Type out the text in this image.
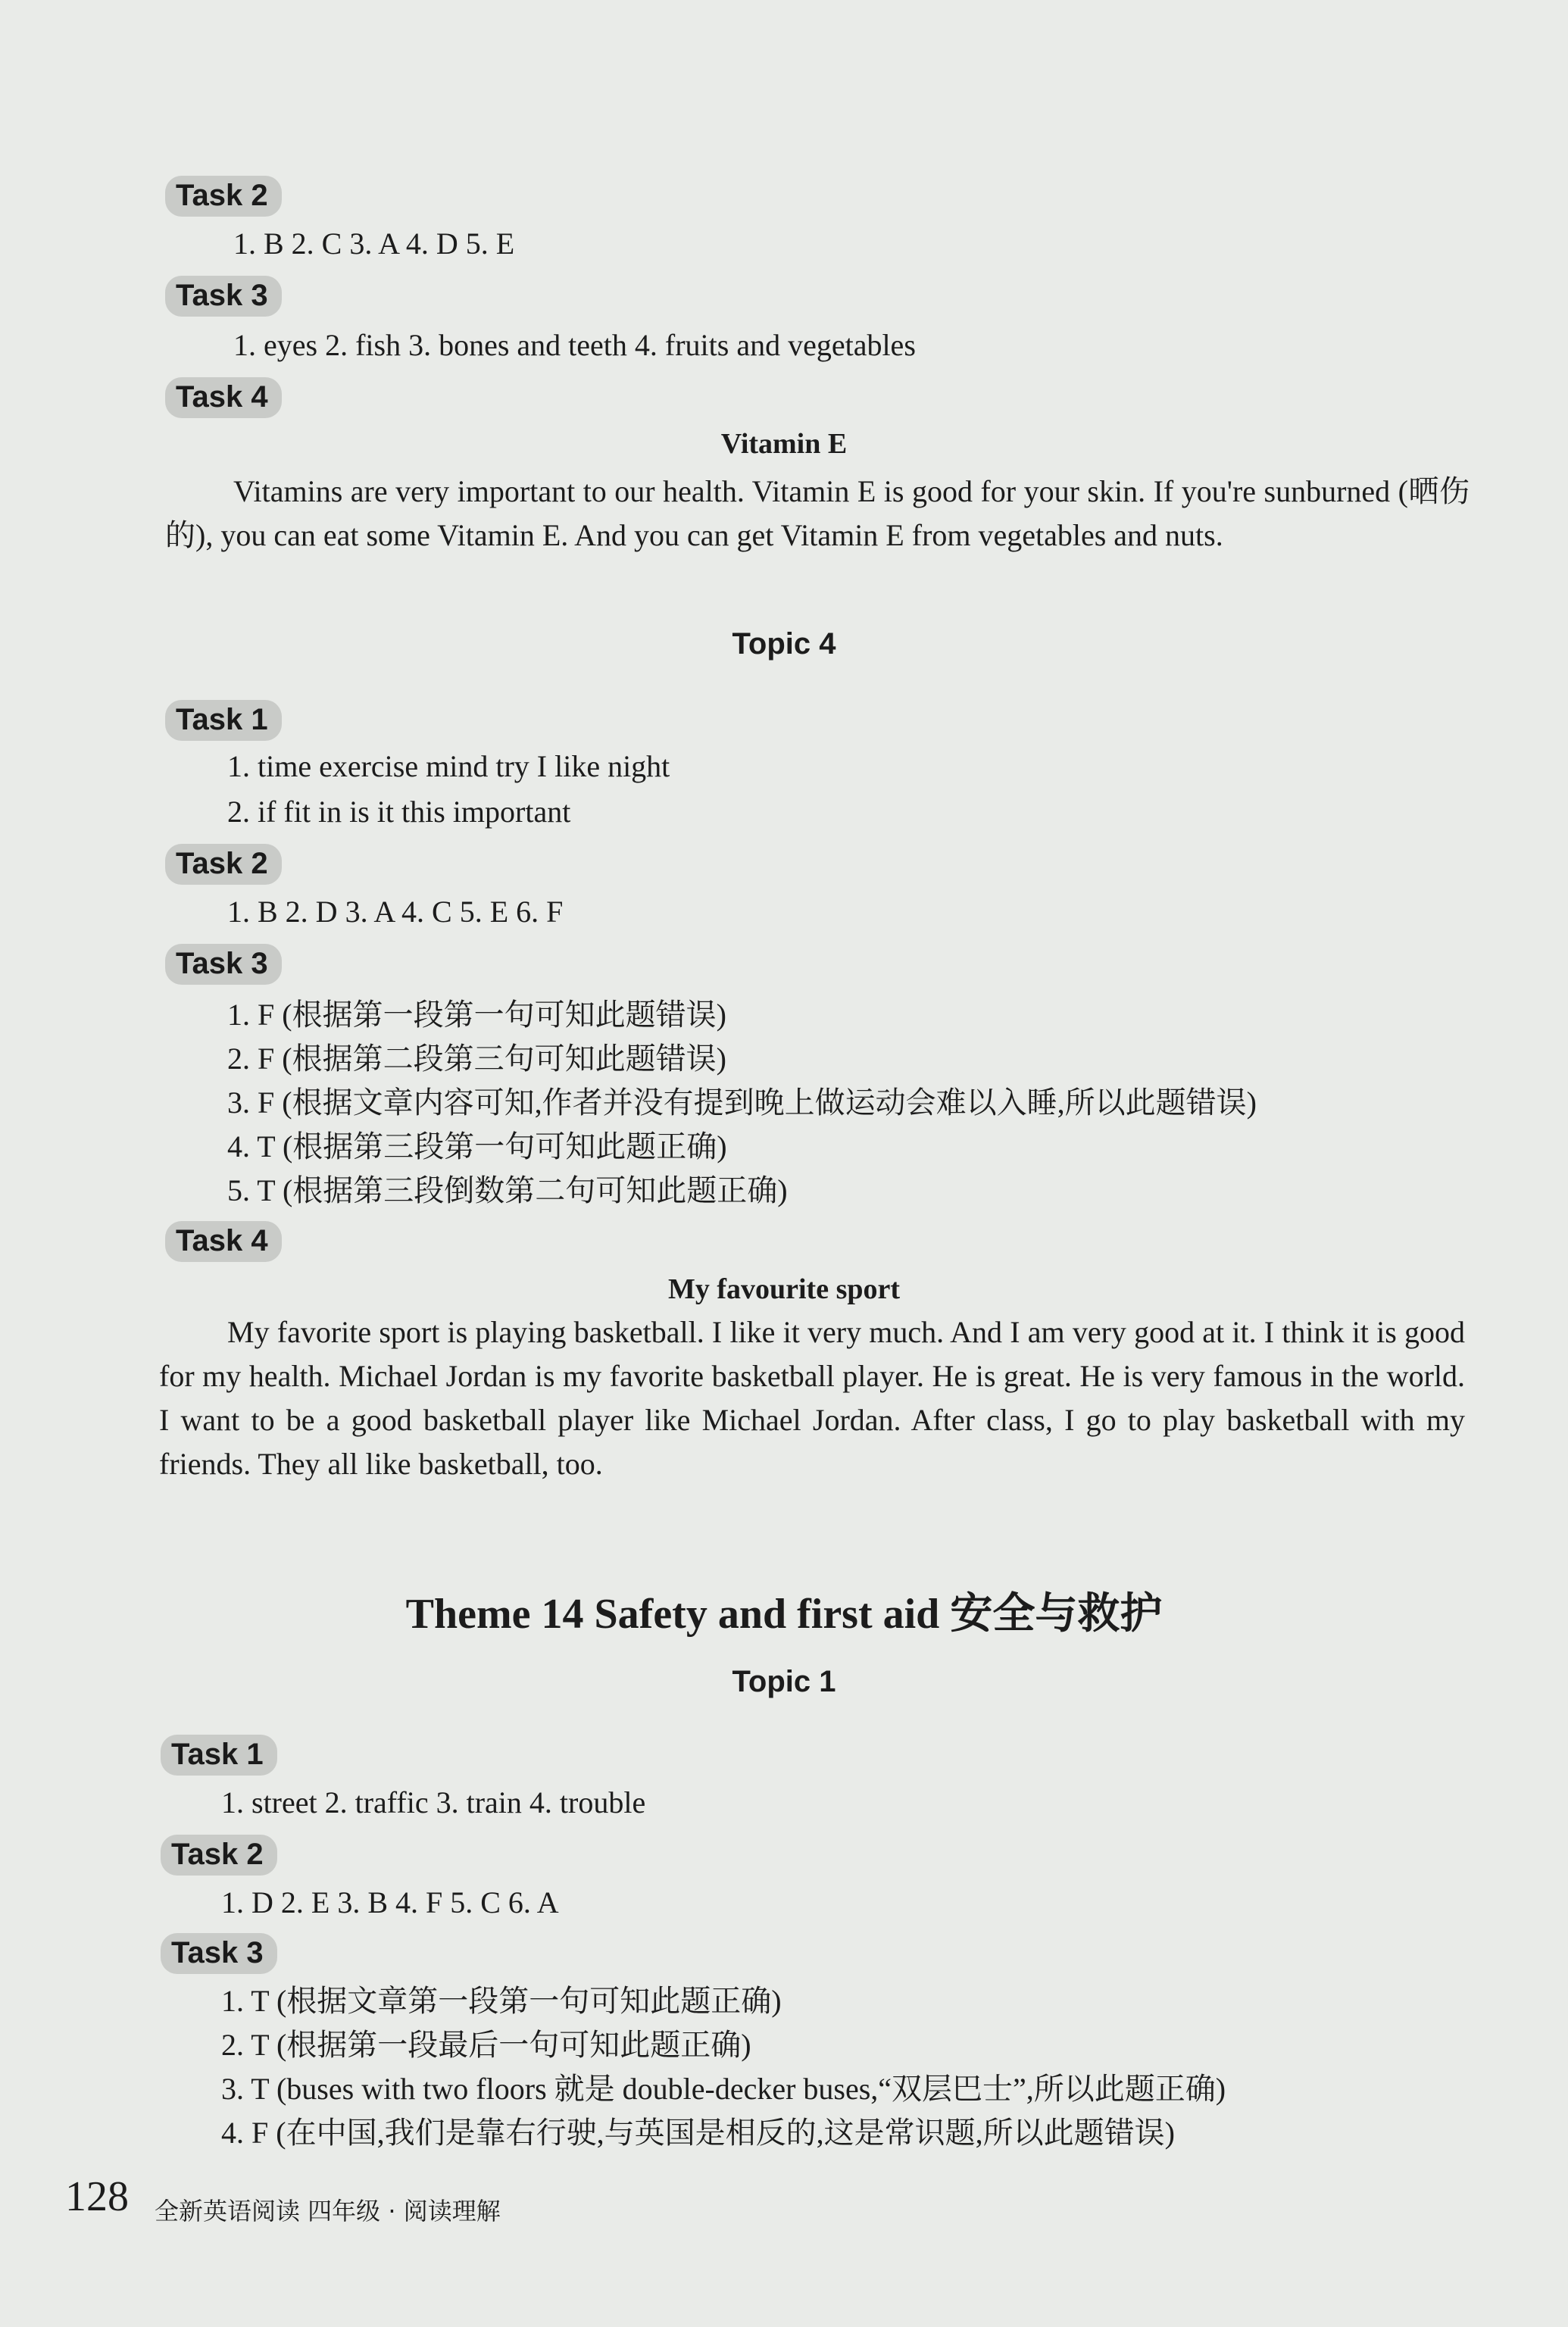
Task 2
1. B 2. C 3. A 4. D 5. E
Task 3
1. eyes 2. fish 3. bones and teeth 4. fruits and vegetables
Task 4
Vitamin E
Vitamins are very important to our health. Vitamin E is good for your skin. If you're sunburned (晒伤的), you can eat some Vitamin E. And you can get Vitamin E from vegetables and nuts.
Topic 4
Task 1
1. time exercise mind try I like night
2. if fit in is it this important
Task 2
1. B 2. D 3. A 4. C 5. E 6. F
Task 3
1. F (根据第一段第一句可知此题错误)
2. F (根据第二段第三句可知此题错误)
3. F (根据文章内容可知,作者并没有提到晚上做运动会难以入睡,所以此题错误)
4. T (根据第三段第一句可知此题正确)
5. T (根据第三段倒数第二句可知此题正确)
Task 4
My favourite sport
My favorite sport is playing basketball. I like it very much. And I am very good at it. I think it is good for my health. Michael Jordan is my favorite basketball player. He is great. He is very famous in the world. I want to be a good basketball player like Michael Jordan. After class, I go to play basketball with my friends. They all like basketball, too.
Theme 14 Safety and first aid 安全与救护
Topic 1
Task 1
1. street 2. traffic 3. train 4. trouble
Task 2
1. D 2. E 3. B 4. F 5. C 6. A
Task 3
1. T (根据文章第一段第一句可知此题正确)
2. T (根据第一段最后一句可知此题正确)
3. T (buses with two floors 就是 double-decker buses,“双层巴士”,所以此题正确)
4. F (在中国,我们是靠右行驶,与英国是相反的,这是常识题,所以此题错误)
128 全新英语阅读 四年级 · 阅读理解
